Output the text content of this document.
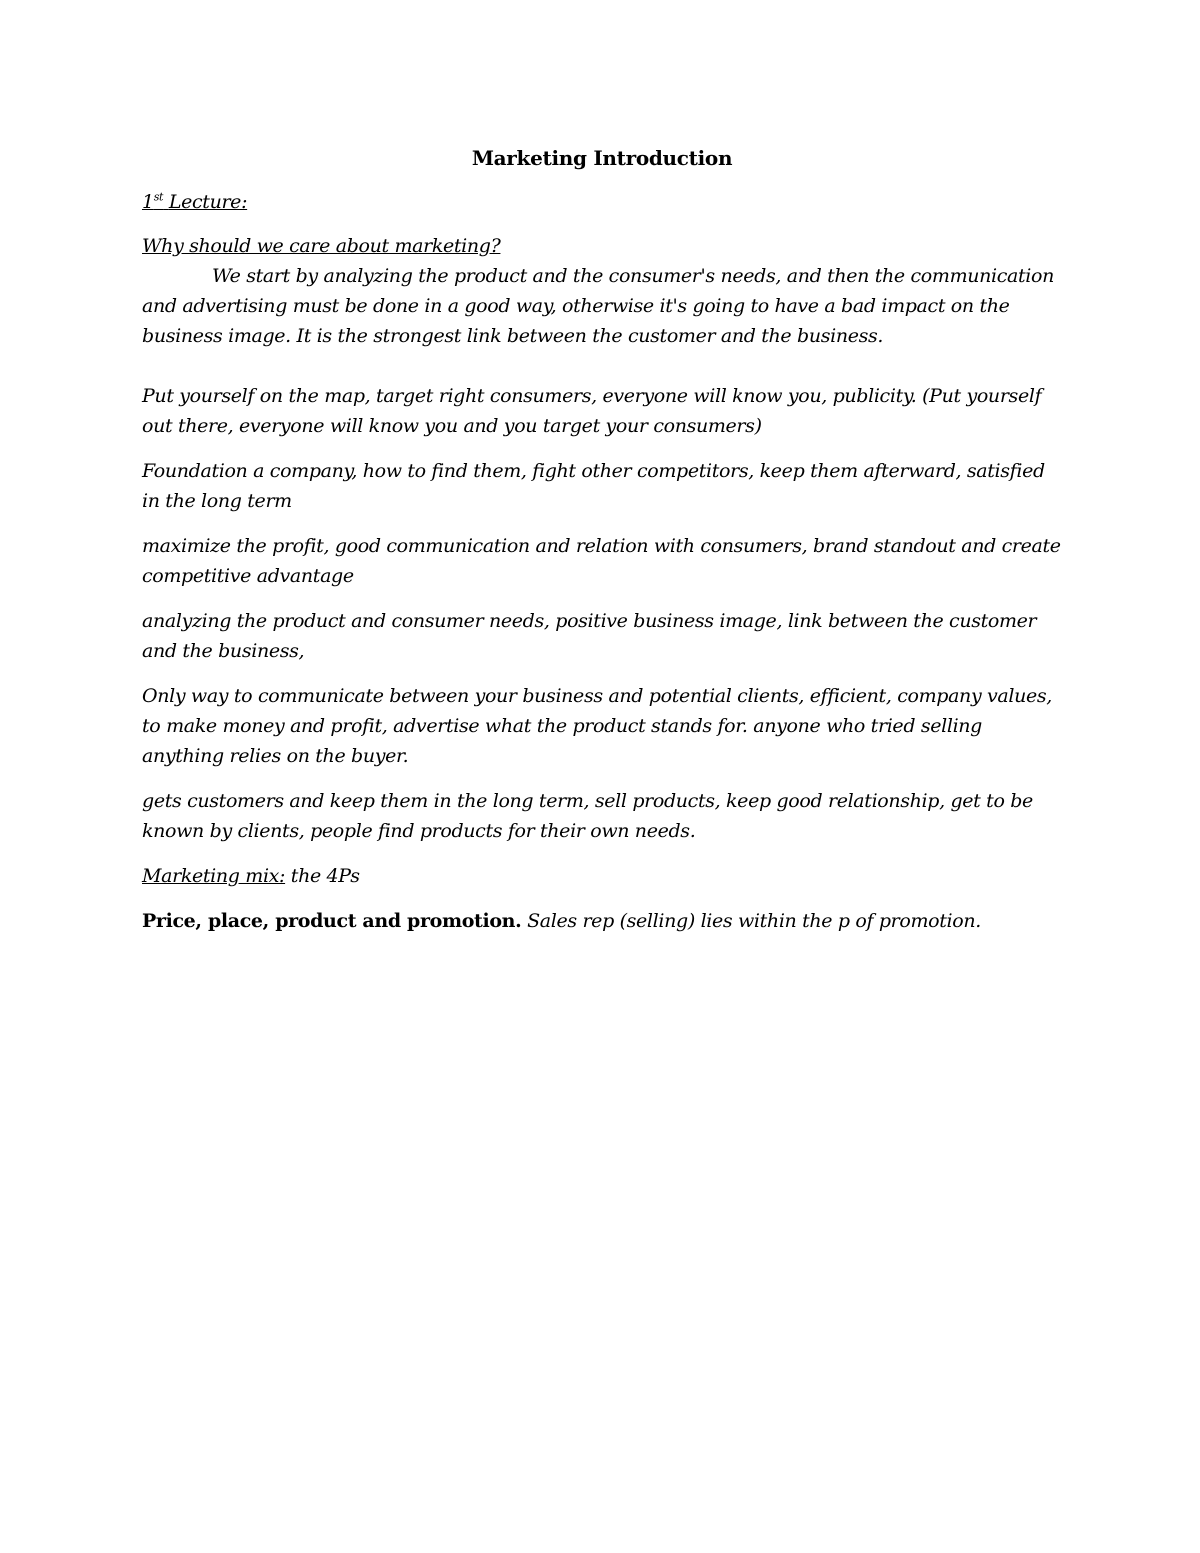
Marketing Introduction

1st Lecture:

Why should we care about marketing?

We start by analyzing the product and the consumer's needs, and then the communication and advertising must be done in a good way, otherwise it's going to have a bad impact on the business image. It is the strongest link between the customer and the business.

Put yourself on the map, target right consumers, everyone will know you, publicity. (Put yourself out there, everyone will know you and you target your consumers)

Foundation a company, how to find them, fight other competitors, keep them afterward, satisfied in the long term

maximize the profit, good communication and relation with consumers, brand standout and create competitive advantage

analyzing the product and consumer needs, positive business image, link between the customer and the business,

Only way to communicate between your business and potential clients, efficient, company values, to make money and profit, advertise what the product stands for. anyone who tried selling anything relies on the buyer.

gets customers and keep them in the long term, sell products, keep good relationship, get to be known by clients, people find products for their own needs.

Marketing mix: the 4Ps

Price, place, product and promotion. Sales rep (selling) lies within the p of promotion.
